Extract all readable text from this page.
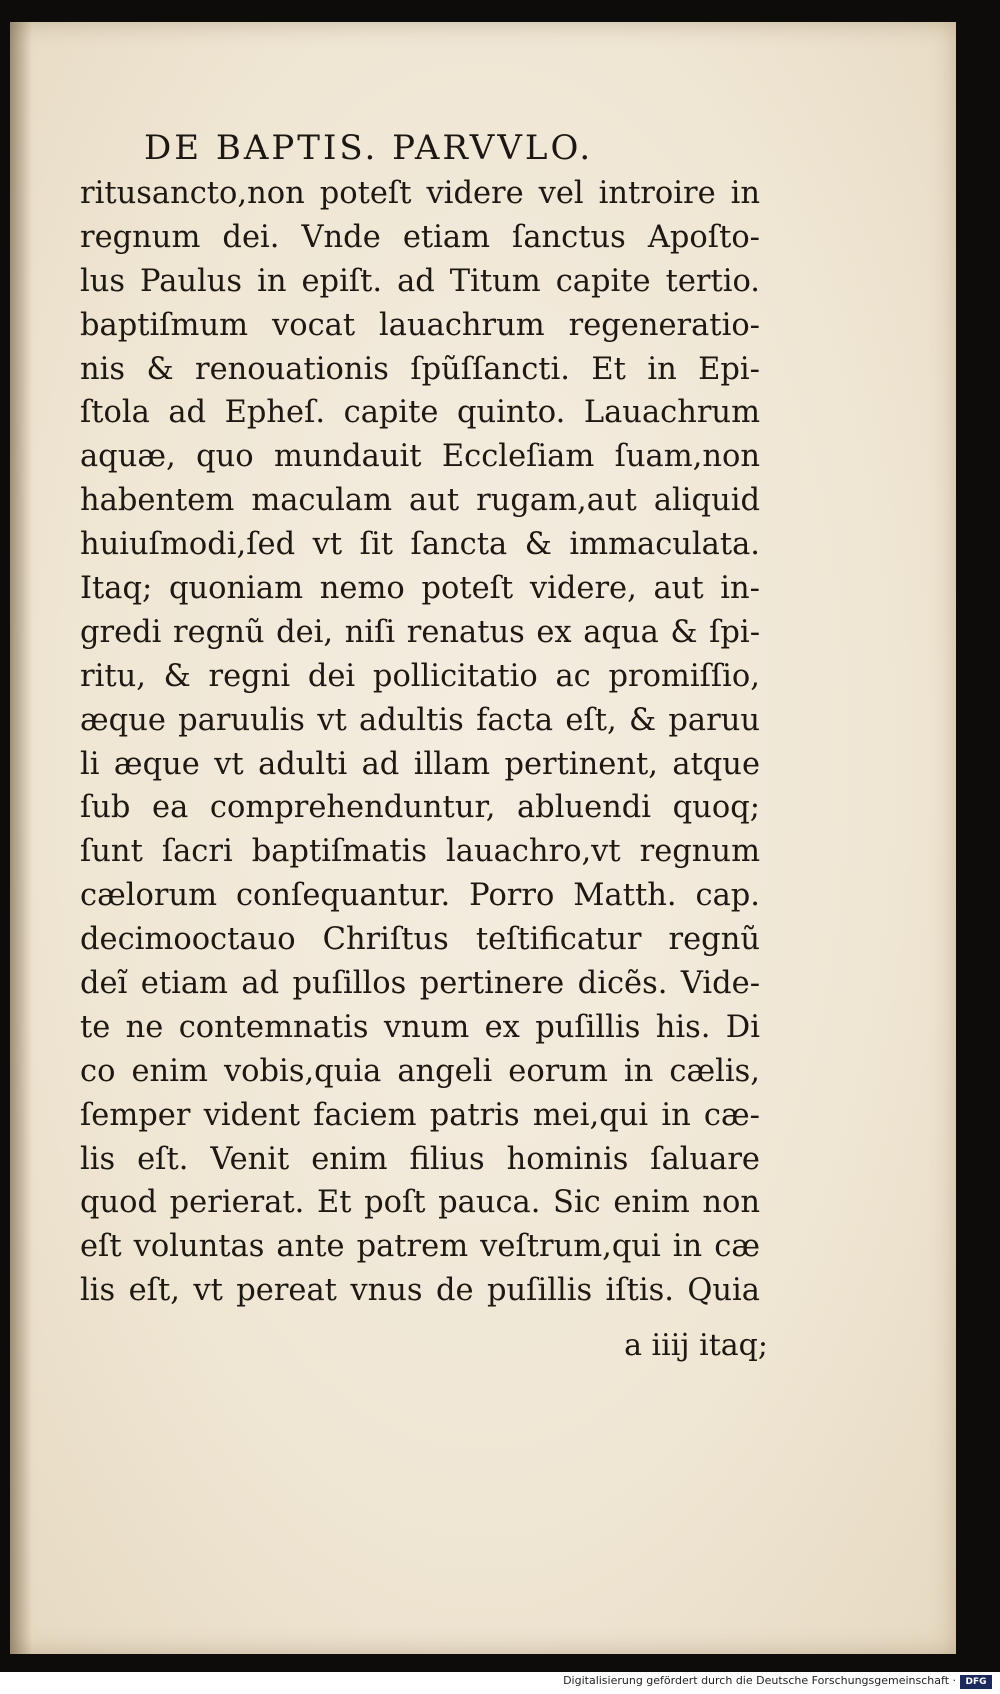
DE BAPTIS. PARVVLO.
ritusancto,non poteſt videre vel introire in
regnum dei. Vnde etiam ſanctus Apoſto-
lus Paulus in epiſt. ad Titum capite tertio.
baptiſmum vocat lauachrum regeneratio-
nis & renouationis ſpũſſancti. Et in Epi-
ſtola ad Epheſ. capite quinto. Lauachrum
aquæ, quo mundauit Eccleſiam ſuam,non
habentem maculam aut rugam,aut aliquid
huiuſmodi,ſed vt ſit ſancta & immaculata.
Itaq; quoniam nemo poteſt videre, aut in-
gredi regnũ dei, niſi renatus ex aqua & ſpi-
ritu, & regni dei pollicitatio ac promiſſio,
æque paruulis vt adultis facta eſt, & paruu
li æque vt adulti ad illam pertinent, atque
ſub ea comprehenduntur, abluendi quoq;
ſunt ſacri baptiſmatis lauachro,vt regnum
cælorum conſequantur. Porro Matth. cap.
decimooctauo Chriſtus teſtificatur regnũ
deĩ etiam ad puſillos pertinere dicẽs. Vide-
te ne contemnatis vnum ex puſillis his. Di
co enim vobis,quia angeli eorum in cælis,
ſemper vident faciem patris mei,qui in cæ-
lis eſt. Venit enim filius hominis ſaluare
quod perierat. Et poſt pauca. Sic enim non
eſt voluntas ante patrem veſtrum,qui in cæ
lis eſt, vt pereat vnus de puſillis iſtis. Quia
a iiij itaq;
Digitalisierung gefördert durch die Deutsche Forschungsgemeinschaft ·	DFG
